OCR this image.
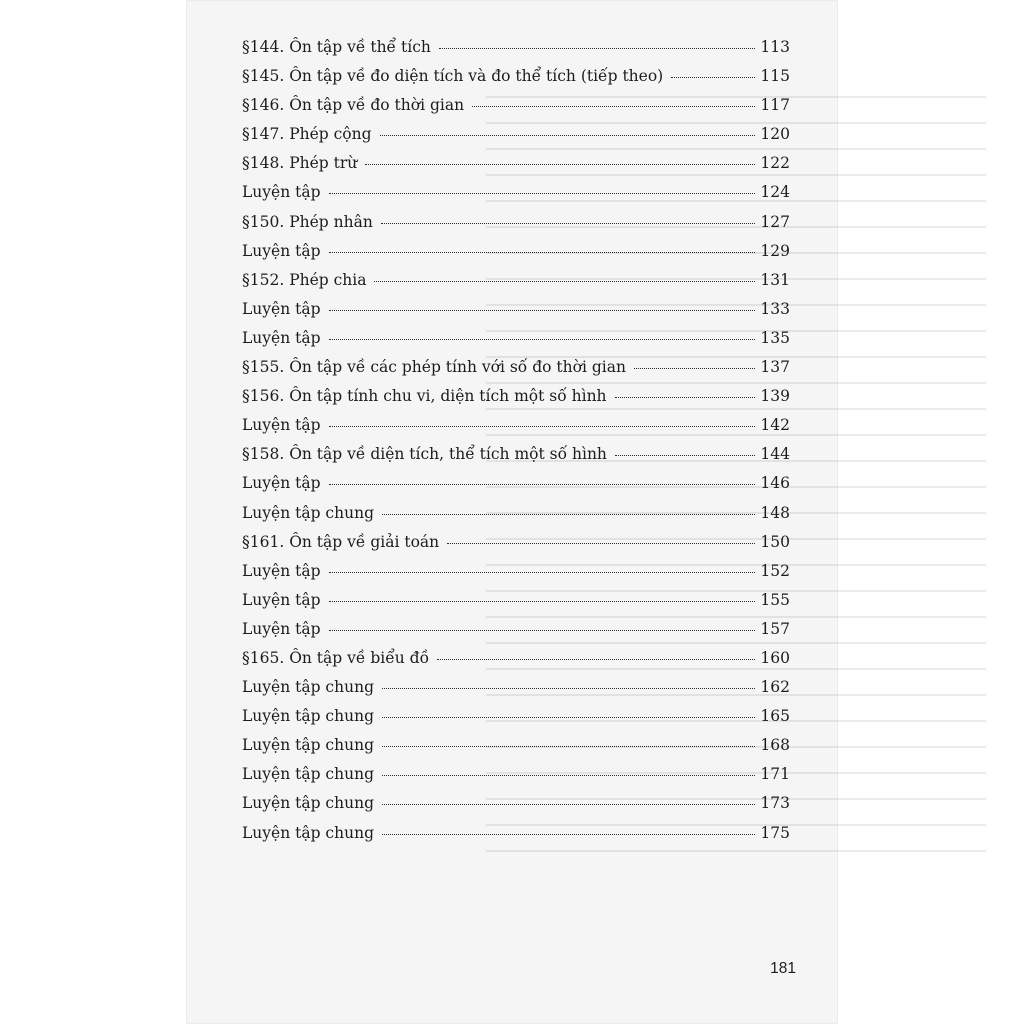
§144. Ôn tập về thể tích	113
§145. Ôn tập về đo diện tích và đo thể tích (tiếp theo)	115
§146. Ôn tập về đo thời gian	117
§147. Phép cộng	120
§148. Phép trừ	122
Luyện tập	124
§150. Phép nhân	127
Luyện tập	129
§152. Phép chia	131
Luyện tập	133
Luyện tập	135
§155. Ôn tập về các phép tính với số đo thời gian	137
§156. Ôn tập tính chu vi, diện tích một số hình	139
Luyện tập	142
§158. Ôn tập về diện tích, thể tích một số hình	144
Luyện tập	146
Luyện tập chung	148
§161. Ôn tập về giải toán	150
Luyện tập	152
Luyện tập	155
Luyện tập	157
§165. Ôn tập về biểu đồ	160
Luyện tập chung	162
Luyện tập chung	165
Luyện tập chung	168
Luyện tập chung	171
Luyện tập chung	173
Luyện tập chung	175
181
